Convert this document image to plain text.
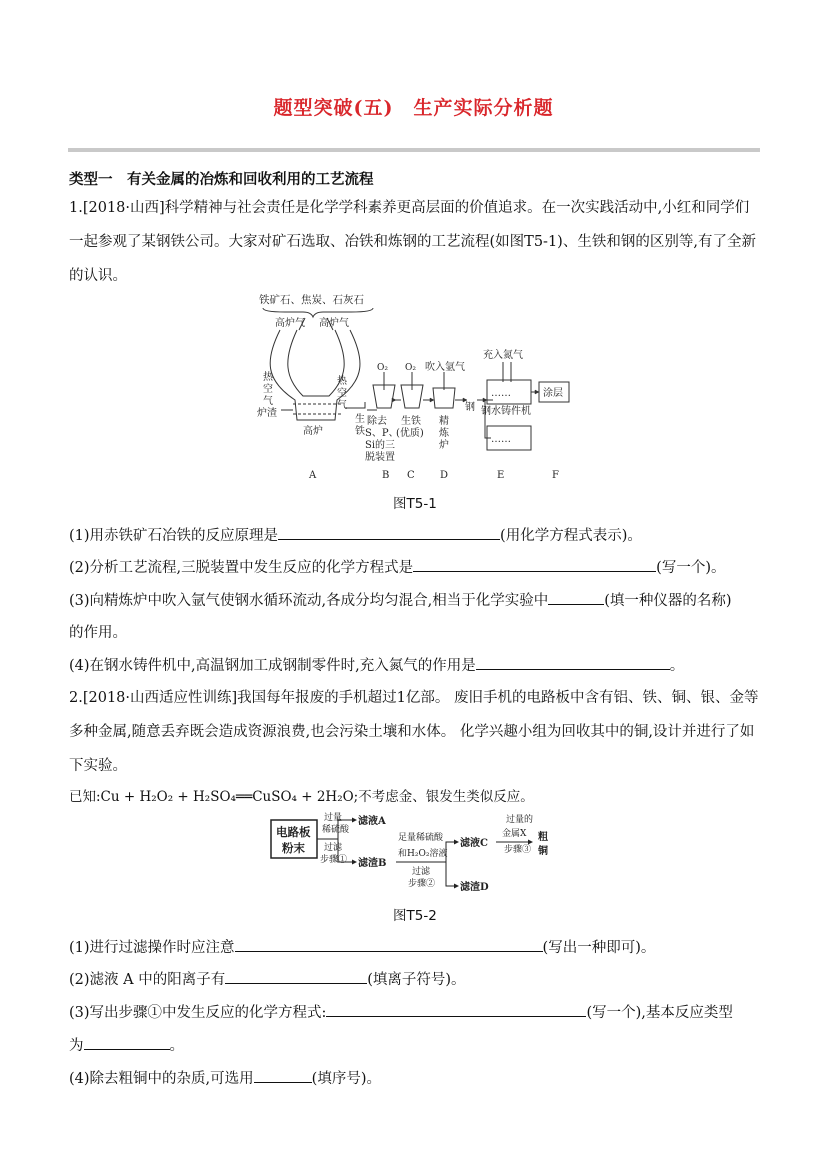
题型突破(五)　生产实际分析题
类型一　有关金属的冶炼和回收利用的工艺流程
1.[2018·山西]科学精神与社会责任是化学学科素养更高层面的价值追求。在一次实践活动中,小红和同学们一起参观了某钢铁公司。大家对矿石选取、冶铁和炼钢的工艺流程(如图T5-1)、生铁和钢的区别等,有了全新的认识。
铁矿石、焦炭、石灰石
高炉气 高炉气
热
空
气
热
空
气
炉渣
高炉
生
铁
O₂ O₂ 吹入氩气
除去
S、P、
Si的三
脱装置
生铁
(优质)
精
炼
炉
钢
充入氮气
钢水铸件机
……
……
涂层
A	B C	D	E	F
图T5-1
(1)用赤铁矿石冶铁的反应原理是	(用化学方程式表示)。
(2)分析工艺流程,三脱装置中发生反应的化学方程式是	(写一个)。
(3)向精炼炉中吹入氩气使钢水循环流动,各成分均匀混合,相当于化学实验中	(填一种仪器的名称)
的作用。
(4)在钢水铸件机中,高温钢加工成钢制零件时,充入氮气的作用是	。
2.[2018·山西适应性训练]我国每年报废的手机超过1亿部。 废旧手机的电路板中含有铝、铁、铜、银、金等多种金属,随意丢弃既会造成资源浪费,也会污染土壤和水体。 化学兴趣小组为回收其中的铜,设计并进行了如下实验。
已知:Cu + H₂O₂ + H₂SO₄══CuSO₄ + 2H₂O;不考虑金、银发生类似反应。
电路板
粉末
过量
稀硫酸
过滤
步骤①
滤液A
滤渣B
足量稀硫酸
和H₂O₂溶液
过滤
步骤②
滤液C
滤渣D
过量的
金属X
步骤③
粗
铜
图T5-2
(1)进行过滤操作时应注意	(写出一种即可)。
(2)滤液 A 中的阳离子有	(填离子符号)。
(3)写出步骤①中发生反应的化学方程式:	(写一个),基本反应类型
为	。
(4)除去粗铜中的杂质,可选用	(填序号)。
